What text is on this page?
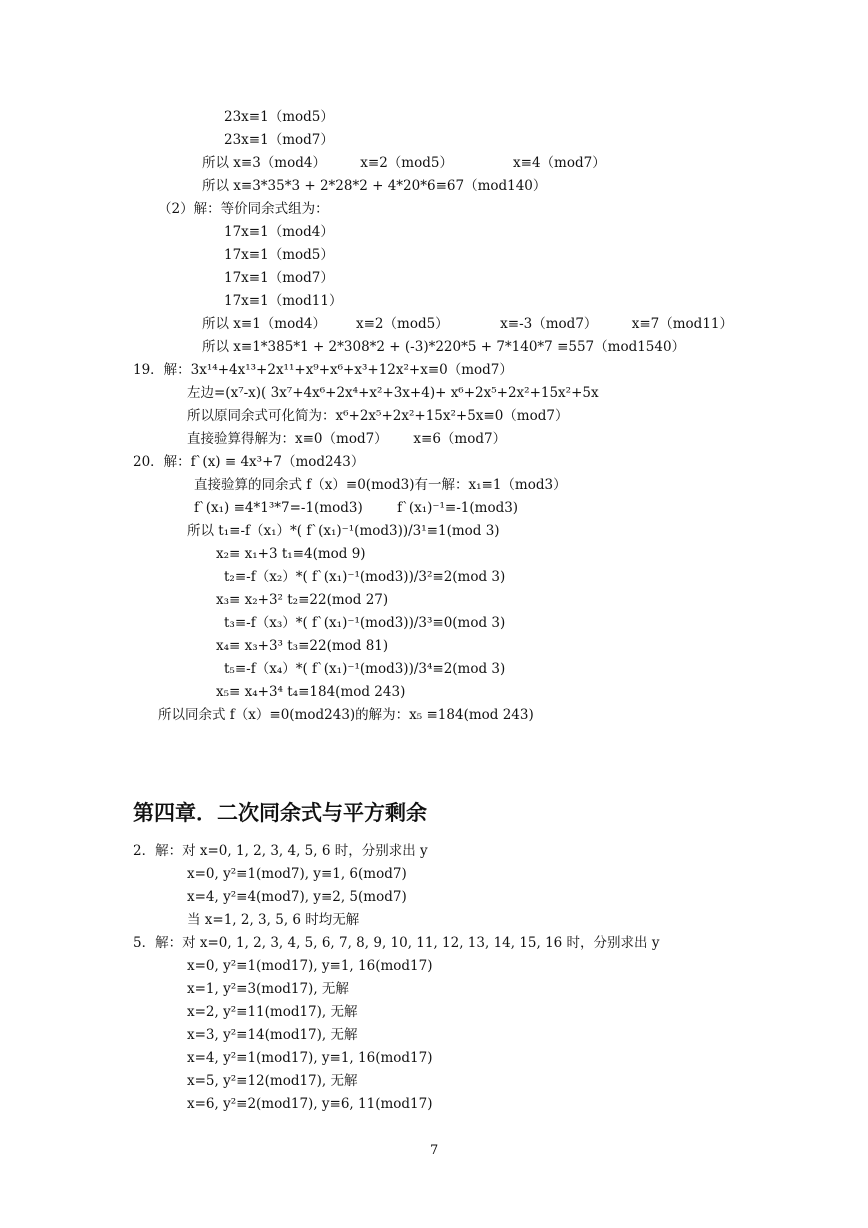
23x≡1（mod5）
23x≡1（mod7）
所以 x≡3（mod4）        x≡2（mod5）              x≡4（mod7）
所以 x≡3*35*3 + 2*28*2 + 4*20*6≡67（mod140）
（2）解：等价同余式组为：
17x≡1（mod4）
17x≡1（mod5）
17x≡1（mod7）
17x≡1（mod11）
所以 x≡1（mod4）       x≡2（mod5）            x≡-3（mod7）        x≡7（mod11）
所以 x≡1*385*1 + 2*308*2 + (-3)*220*5 + 7*140*7 ≡557（mod1540）
19．解：3x¹⁴+4x¹³+2x¹¹+x⁹+x⁶+x³+12x²+x≡0（mod7）
左边=(x⁷-x)( 3x⁷+4x⁶+2x⁴+x²+3x+4)+ x⁶+2x⁵+2x²+15x²+5x
所以原同余式可化简为：x⁶+2x⁵+2x²+15x²+5x≡0（mod7）
直接验算得解为：x≡0（mod7）      x≡6（mod7）
20．解：f`(x) ≡ 4x³+7（mod243）
直接验算的同余式 f（x）≡0(mod3)有一解：x₁≡1（mod3）
f`(x₁) ≡4*1³*7=-1(mod3)        f`(x₁)⁻¹≡-1(mod3)
所以 t₁≡-f（x₁）*( f`(x₁)⁻¹(mod3))/3¹≡1(mod 3)
x₂≡ x₁+3 t₁≡4(mod 9)
t₂≡-f（x₂）*( f`(x₁)⁻¹(mod3))/3²≡2(mod 3)
x₃≡ x₂+3² t₂≡22(mod 27)
t₃≡-f（x₃）*( f`(x₁)⁻¹(mod3))/3³≡0(mod 3)
x₄≡ x₃+3³ t₃≡22(mod 81)
t₅≡-f（x₄）*( f`(x₁)⁻¹(mod3))/3⁴≡2(mod 3)
x₅≡ x₄+3⁴ t₄≡184(mod 243)
所以同余式 f（x）≡0(mod243)的解为：x₅ ≡184(mod 243)
第四章．二次同余式与平方剩余
2．解：对 x=0, 1, 2, 3, 4, 5, 6 时，分别求出 y
x=0, y²≡1(mod7), y≡1, 6(mod7)
x=4, y²≡4(mod7), y≡2, 5(mod7)
当 x=1, 2, 3, 5, 6 时均无解
5．解：对 x=0, 1, 2, 3, 4, 5, 6, 7, 8, 9, 10, 11, 12, 13, 14, 15, 16 时，分别求出 y
x=0, y²≡1(mod17), y≡1, 16(mod17)
x=1, y²≡3(mod17), 无解
x=2, y²≡11(mod17), 无解
x=3, y²≡14(mod17), 无解
x=4, y²≡1(mod17), y≡1, 16(mod17)
x=5, y²≡12(mod17), 无解
x=6, y²≡2(mod17), y≡6, 11(mod17)
7
